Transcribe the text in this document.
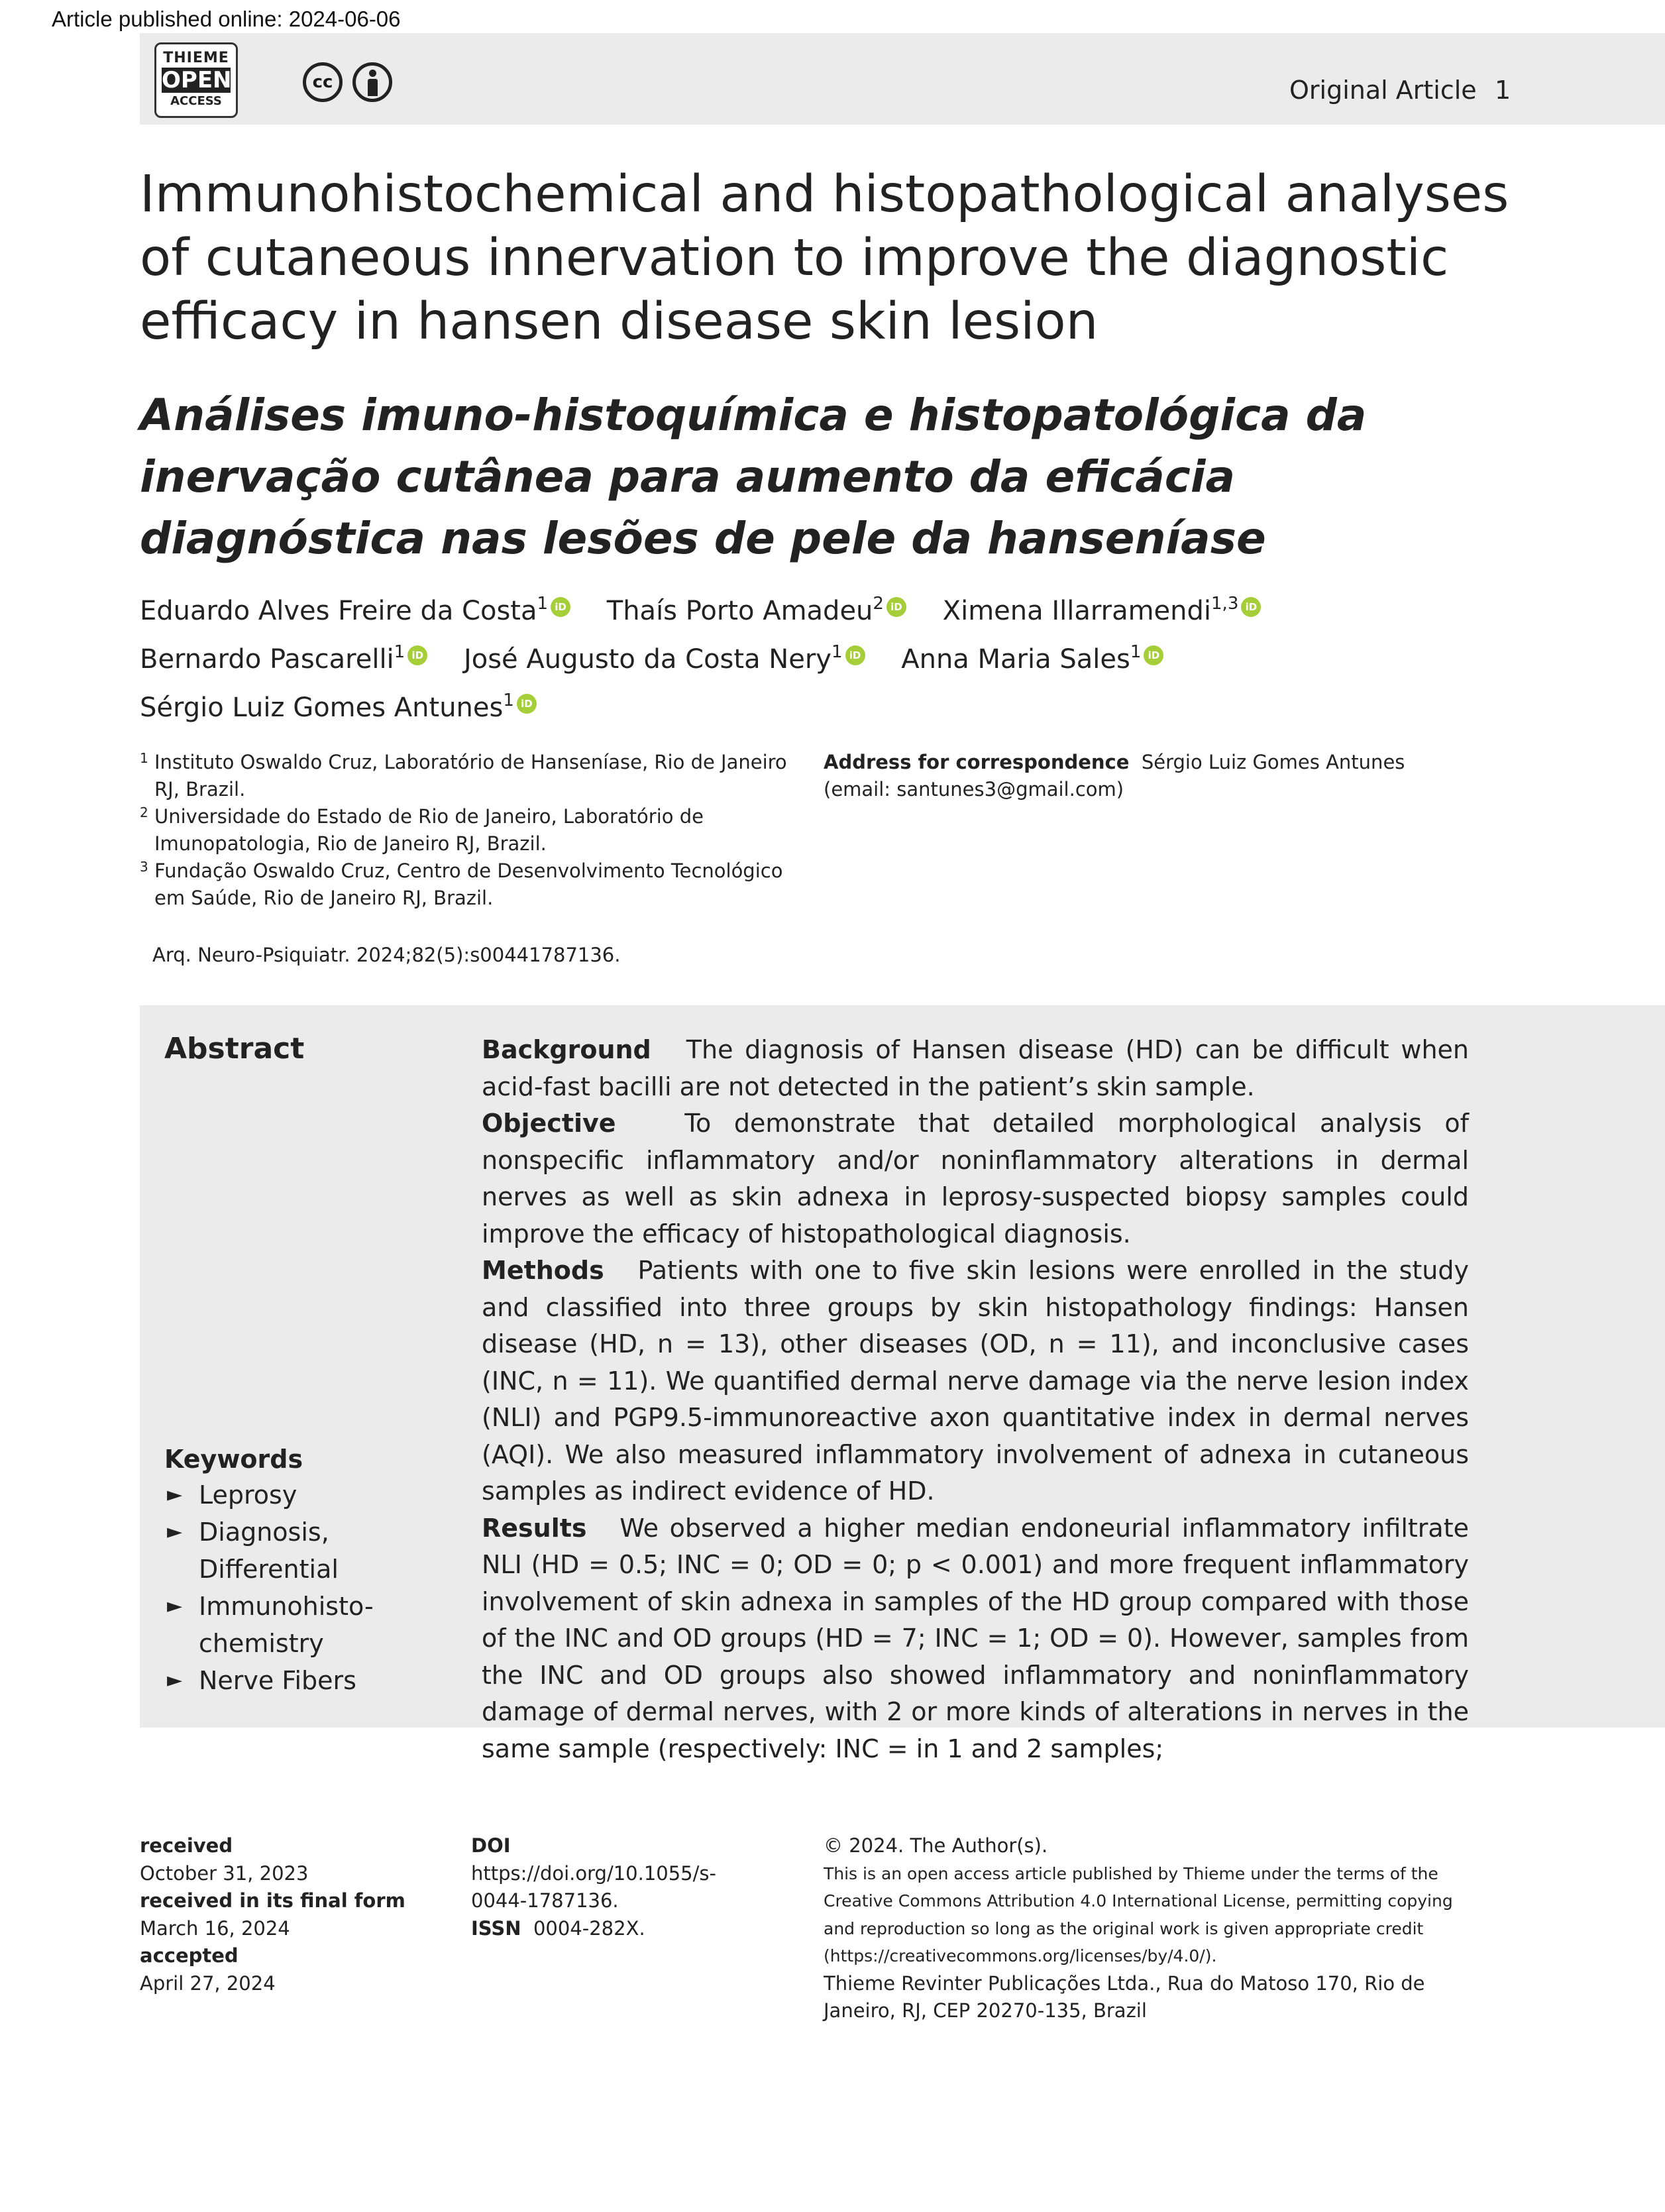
Article published online: 2024-06-06
THIEME
OPEN
ACCESS
cc	Original Article 1
Immunohistochemical and histopathological analyses of cutaneous innervation to improve the diagnostic efficacy in hansen disease skin lesion
Análises imuno-histoquímica e histopatológica da inervação cutânea para aumento da eficácia diagnóstica nas lesões de pele da hanseníase
Eduardo Alves Freire da Costa$^1$ iD Thaís Porto Amadeu$^2$ iD Ximena Illarramendi$^{1,3}$ iD
Bernardo Pascarelli$^1$ iD José Augusto da Costa Nery$^1$ iD Anna Maria Sales$^1$ iD
Sérgio Luiz Gomes Antunes$^1$ iD
1 Instituto Oswaldo Cruz, Laboratório de Hanseníase, Rio de Janeiro RJ, Brazil.
2 Universidade do Estado de Rio de Janeiro, Laboratório de Imunopatologia, Rio de Janeiro RJ, Brazil.
3 Fundação Oswaldo Cruz, Centro de Desenvolvimento Tecnológico em Saúde, Rio de Janeiro RJ, Brazil.
Address for correspondence Sérgio Luiz Gomes Antunes
(email: santunes3@gmail.com)
Arq. Neuro-Psiquiatr. 2024;82(5):s00441787136.
Abstract
Keywords
► Leprosy
► Diagnosis, Differential
► Immunohisto-chemistry
► Nerve Fibers

Background The diagnosis of Hansen disease (HD) can be difficult when acid-fast bacilli are not detected in the patient’s skin sample.

Objective	To demonstrate that detailed morphological analysis of nonspecific inflammatory and/or noninflammatory alterations in dermal nerves as well as skin adnexa in leprosy-suspected biopsy samples could improve the efficacy of histopathological diagnosis.

Methods Patients with one to five skin lesions were enrolled in the study and classified into three groups by skin histopathology findings: Hansen disease (HD, n = 13), other diseases (OD, n = 11), and inconclusive cases (INC, n = 11). We quantified dermal nerve damage via the nerve lesion index (NLI) and PGP9.5-immunoreactive axon quantitative index in dermal nerves (AQI). We also measured inflammatory involvement of adnexa in cutaneous samples as indirect evidence of HD.

Results We observed a higher median endoneurial inflammatory infiltrate NLI (HD = 0.5; INC = 0; OD = 0; p < 0.001) and more frequent inflammatory involvement of skin adnexa in samples of the HD group compared with those of the INC and OD groups (HD = 7; INC = 1; OD = 0). However, samples from the INC and OD groups also showed inflammatory and noninflammatory damage of dermal nerves, with 2 or more kinds of alterations in nerves in the same sample (respectively: INC = in 1 and 2 samples;

received
October 31, 2023
received in its final form
March 16, 2024
accepted
April 27, 2024
DOI  https://doi.org/10.1055/s-0044-1787136.
ISSN 0004-282X.
© 2024. The Author(s).
This is an open access article published by Thieme under the terms of the Creative Commons Attribution 4.0 International License, permitting copying and reproduction so long as the original work is given appropriate credit (https://creativecommons.org/licenses/by/4.0/).
Thieme Revinter Publicações Ltda., Rua do Matoso 170, Rio de Janeiro, RJ, CEP 20270-135, Brazil
